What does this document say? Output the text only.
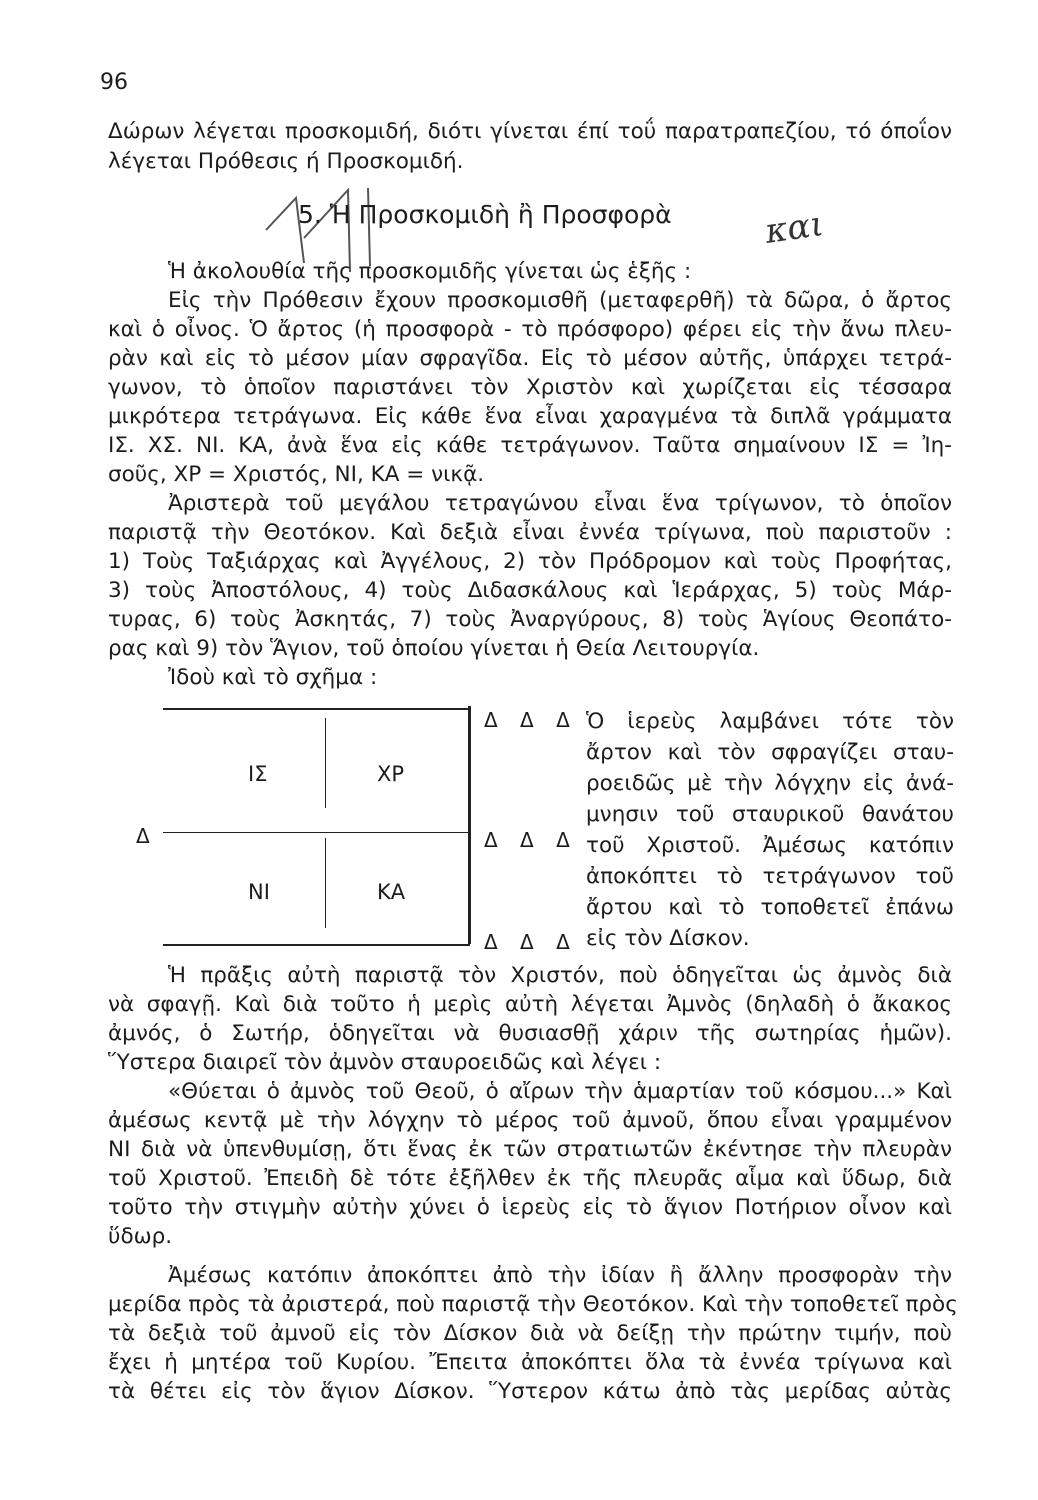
96
Δώρων λέγεται προσκομιδή, διότι γίνεται έπί τοΰ παρατραπεζίου, τό όποΐον
λέγεται Πρόθεσις ή Προσκομιδή.
5. Ἡ Προσκομιδὴ ἢ Προσφορὰ	και
Ἡ ἀκολουθία τῆς προσκομιδῆς γίνεται ὡς ἑξῆς :
Εἰς τὴν Πρόθεσιν ἔχουν προσκομισθῆ (μεταφερθῆ) τὰ δῶρα, ὁ ἄρτος
καὶ ὁ οἶνος. Ὁ ἄρτος (ἡ προσφορὰ - τὸ πρόσφορο) φέρει εἰς τὴν ἄνω πλευ-
ρὰν καὶ εἰς τὸ μέσον μίαν σφραγῖδα. Εἰς τὸ μέσον αὐτῆς, ὑπάρχει τετρά-
γωνον, τὸ ὁποῖον παριστάνει τὸν Χριστὸν καὶ χωρίζεται εἰς τέσσαρα
μικρότερα τετράγωνα. Εἰς κάθε ἕνα εἶναι χαραγμένα τὰ διπλᾶ γράμματα
ΙΣ. ΧΣ. ΝΙ. ΚΑ, ἀνὰ ἕνα εἰς κάθε τετράγωνον. Ταῦτα σημαίνουν ΙΣ = Ἰη-
σοῦς, ΧΡ = Χριστός, ΝΙ, ΚΑ = νικᾷ.
Ἀριστερὰ τοῦ μεγάλου τετραγώνου εἶναι ἕνα τρίγωνον, τὸ ὁποῖον
παριστᾷ τὴν Θεοτόκον. Καὶ δεξιὰ εἶναι ἐννέα τρίγωνα, ποὺ παριστοῦν :
1) Τοὺς Ταξιάρχας καὶ Ἀγγέλους, 2) τὸν Πρόδρομον καὶ τοὺς Προφήτας,
3) τοὺς Ἀποστόλους, 4) τοὺς Διδασκάλους καὶ Ἱεράρχας, 5) τοὺς Μάρ-
τυρας, 6) τοὺς Ἀσκητάς, 7) τοὺς Ἀναργύρους, 8) τοὺς Ἁγίους Θεοπάτο-
ρας καὶ 9) τὸν Ἅγιον, τοῦ ὁποίου γίνεται ἡ Θεία Λειτουργία.
Ἰδοὺ καὶ τὸ σχῆμα :
ΙΣ	ΧΡ
ΝΙ	ΚΑ
Δ
Δ Δ Δ
Δ Δ Δ
Δ Δ Δ
Ὁ ἱερεὺς λαμβάνει τότε τὸν
ἄρτον καὶ τὸν σφραγίζει σταυ-
ροειδῶς μὲ τὴν λόγχην εἰς ἀνά-
μνησιν τοῦ σταυρικοῦ θανάτου
τοῦ Χριστοῦ. Ἀμέσως κατόπιν
ἀποκόπτει τὸ τετράγωνον τοῦ
ἄρτου καὶ τὸ τοποθετεῖ ἐπάνω
εἰς τὸν Δίσκον.
Ἡ πρᾶξις αὐτὴ παριστᾷ τὸν Χριστόν, ποὺ ὁδηγεῖται ὡς ἀμνὸς διὰ
νὰ σφαγῇ. Καὶ διὰ τοῦτο ἡ μερὶς αὐτὴ λέγεται Ἀμνὸς (δηλαδὴ ὁ ἄκακος
ἀμνός, ὁ Σωτήρ, ὁδηγεῖται νὰ θυσιασθῇ χάριν τῆς σωτηρίας ἡμῶν).
Ὕστερα διαιρεῖ τὸν ἀμνὸν σταυροειδῶς καὶ λέγει :
«Θύεται ὁ ἀμνὸς τοῦ Θεοῦ, ὁ αἴρων τὴν ἁμαρτίαν τοῦ κόσμου...» Καὶ
ἀμέσως κεντᾷ μὲ τὴν λόγχην τὸ μέρος τοῦ ἀμνοῦ, ὅπου εἶναι γραμμένον
ΝΙ διὰ νὰ ὑπενθυμίσῃ, ὅτι ἕνας ἐκ τῶν στρατιωτῶν ἐκέντησε τὴν πλευρὰν
τοῦ Χριστοῦ. Ἐπειδὴ δὲ τότε ἐξῆλθεν ἐκ τῆς πλευρᾶς αἷμα καὶ ὕδωρ, διὰ
τοῦτο τὴν στιγμὴν αὐτὴν χύνει ὁ ἱερεὺς εἰς τὸ ἅγιον Ποτήριον οἶνον καὶ
ὕδωρ.
Ἀμέσως κατόπιν ἀποκόπτει ἀπὸ τὴν ἰδίαν ἢ ἄλλην προσφορὰν τὴν
μερίδα πρὸς τὰ ἀριστερά, ποὺ παριστᾷ τὴν Θεοτόκον. Καὶ τὴν τοποθετεῖ πρὸς
τὰ δεξιὰ τοῦ ἀμνοῦ εἰς τὸν Δίσκον διὰ νὰ δείξῃ τὴν πρώτην τιμήν, ποὺ
ἔχει ἡ μητέρα τοῦ Κυρίου. Ἔπειτα ἀποκόπτει ὅλα τὰ ἐννέα τρίγωνα καὶ
τὰ θέτει εἰς τὸν ἅγιον Δίσκον. Ὕστερον κάτω ἀπὸ τὰς μερίδας αὐτὰς
